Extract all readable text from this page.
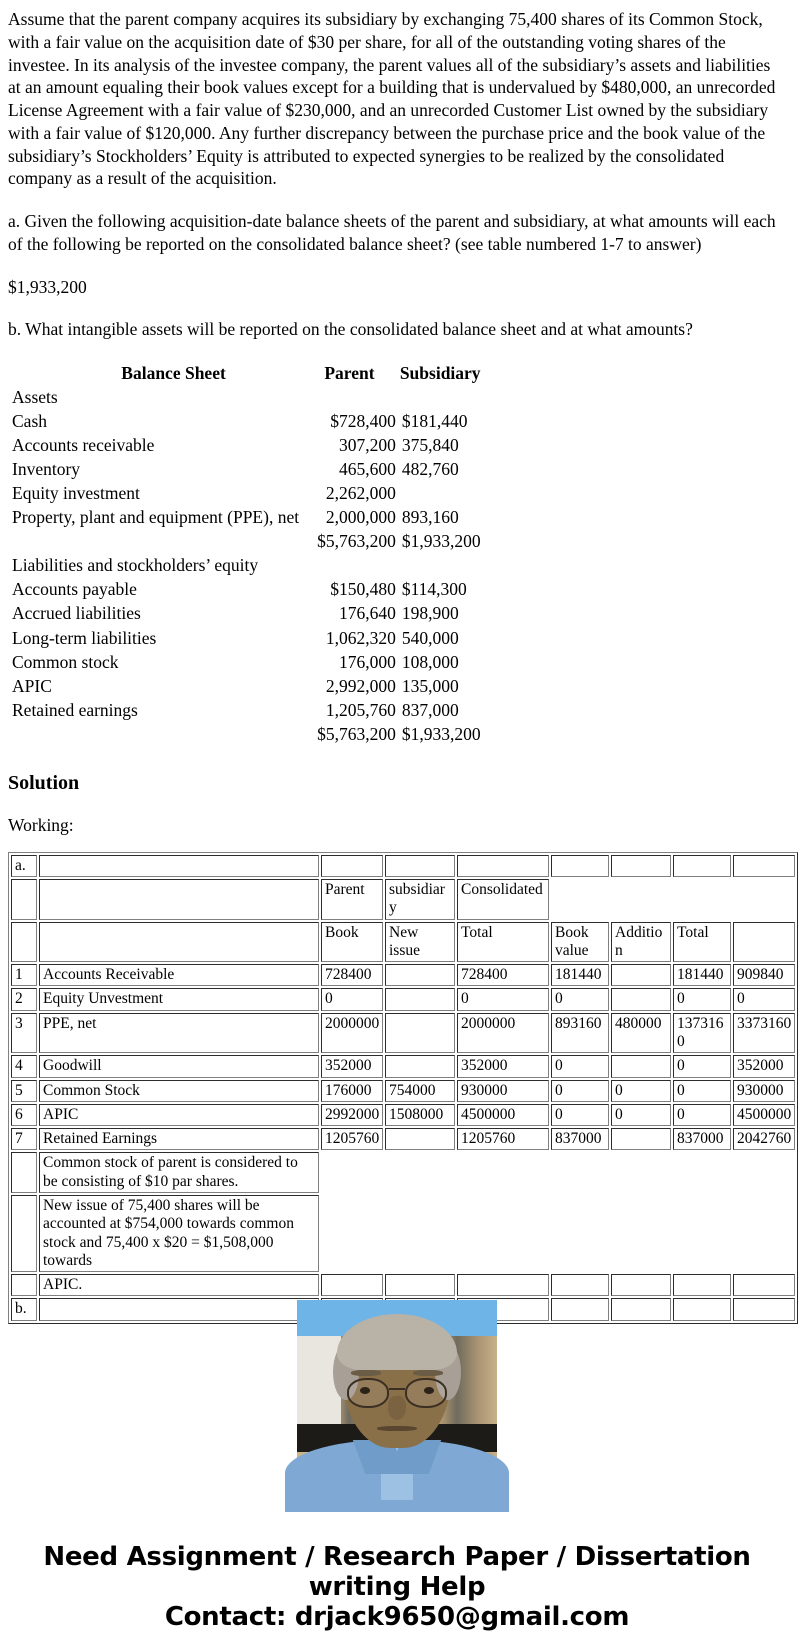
Assume that the parent company acquires its subsidiary by exchanging 75,400 shares of its Common Stock, with a fair value on the acquisition date of $30 per share, for all of the outstanding voting shares of the investee. In its analysis of the investee company, the parent values all of the subsidiary’s assets and liabilities at an amount equaling their book values except for a building that is undervalued by $480,000, an unrecorded License Agreement with a fair value of $230,000, and an unrecorded Customer List owned by the subsidiary with a fair value of $120,000. Any further discrepancy between the purchase price and the book value of the subsidiary’s Stockholders’ Equity is attributed to expected synergies to be realized by the consolidated company as a result of the acquisition.

a. Given the following acquisition-date balance sheets of the parent and subsidiary, at what amounts will each of the following be reported on the consolidated balance sheet? (see table numbered 1-7 to answer)

$1,933,200

b. What intangible assets will be reported on the consolidated balance sheet and at what amounts?

Balance Sheet	Parent	Subsidiary
Assets		
Cash	$728,400	$181,440
Accounts receivable	307,200	375,840
Inventory	465,600	482,760
Equity investment	2,262,000	
Property, plant and equipment (PPE), net	2,000,000	893,160
	$5,763,200	$1,933,200
Liabilities and stockholders’ equity		
Accounts payable	$150,480	$114,300
Accrued liabilities	176,640	198,900
Long-term liabilities	1,062,320	540,000
Common stock	176,000	108,000
APIC	2,992,000	135,000
Retained earnings	1,205,760	837,000
	$5,763,200	$1,933,200
Solution
Working:
a.								
		Parent	subsidiary	Consolidated				
		Book	New issue	Total	Book value	Addition	Total	
1	Accounts Receivable	728400		728400	181440		181440	909840
2	Equity Unvestment	0		0	0		0	0
3	PPE, net	2000000		2000000	893160	480000	1373160	3373160
4	Goodwill	352000		352000	0		0	352000
5	Common Stock	176000	754000	930000	0	0	0	930000
6	APIC	2992000	1508000	4500000	0	0	0	4500000
7	Retained Earnings	1205760		1205760	837000		837000	2042760
	Common stock of parent is considered to be consisting of $10 par shares.							
	New issue of 75,400 shares will be accounted at $754,000 towards common stock and 75,400 x $20 = $1,508,000 towards							
	APIC.							
b.								
Need Assignment / Research Paper / Dissertation
writing Help
Contact: drjack9650@gmail.com
